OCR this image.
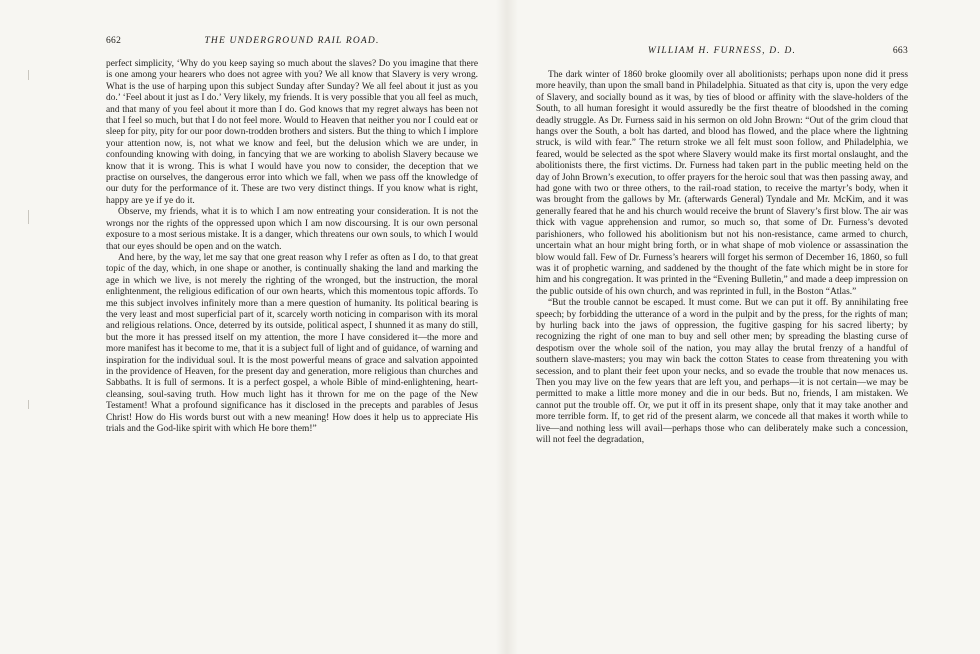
662	THE UNDERGROUND RAIL ROAD.

perfect simplicity, ‘Why do you keep saying so much about the slaves? Do you imagine that there is one among your hearers who does not agree with you? We all know that Slavery is very wrong. What is the use of harping upon this subject Sunday after Sunday? We all feel about it just as you do.’ ‘Feel about it just as I do.’ Very likely, my friends. It is very possible that you all feel as much, and that many of you feel about it more than I do. God knows that my regret always has been not that I feel so much, but that I do not feel more. Would to Heaven that neither you nor I could eat or sleep for pity, pity for our poor down-trodden brothers and sisters. But the thing to which I implore your attention now, is, not what we know and feel, but the delusion which we are under, in confounding knowing with doing, in fancying that we are working to abolish Slavery because we know that it is wrong. This is what I would have you now to consider, the deception that we practise on ourselves, the dangerous error into which we fall, when we pass off the knowledge of our duty for the performance of it. These are two very distinct things. If you know what is right, happy are ye if ye do it.

Observe, my friends, what it is to which I am now entreating your consideration. It is not the wrongs nor the rights of the oppressed upon which I am now discoursing. It is our own personal exposure to a most serious mistake. It is a danger, which threatens our own souls, to which I would that our eyes should be open and on the watch.

And here, by the way, let me say that one great reason why I refer as often as I do, to that great topic of the day, which, in one shape or another, is continually shaking the land and marking the age in which we live, is not merely the righting of the wronged, but the instruction, the moral enlightenment, the religious edification of our own hearts, which this momentous topic affords. To me this subject involves infinitely more than a mere question of humanity. Its political bearing is the very least and most superficial part of it, scarcely worth noticing in comparison with its moral and religious relations. Once, deterred by its outside, political aspect, I shunned it as many do still, but the more it has pressed itself on my attention, the more I have considered it—the more and more manifest has it become to me, that it is a subject full of light and of guidance, of warning and inspiration for the individual soul. It is the most powerful means of grace and salvation appointed in the providence of Heaven, for the present day and generation, more religious than churches and Sabbaths. It is full of sermons. It is a perfect gospel, a whole Bible of mind-enlightening, heart-cleansing, soul-saving truth. How much light has it thrown for me on the page of the New Testament! What a profound significance has it disclosed in the precepts and parables of Jesus Christ! How do His words burst out with a new meaning! How does it help us to appreciate His trials and the God-like spirit with which He bore them!”

WILLIAM H. FURNESS, D. D.	663

The dark winter of 1860 broke gloomily over all abolitionists; perhaps upon none did it press more heavily, than upon the small band in Philadelphia. Situated as that city is, upon the very edge of Slavery, and socially bound as it was, by ties of blood or affinity with the slave-holders of the South, to all human foresight it would assuredly be the first theatre of bloodshed in the coming deadly struggle. As Dr. Furness said in his sermon on old John Brown: “Out of the grim cloud that hangs over the South, a bolt has darted, and blood has flowed, and the place where the lightning struck, is wild with fear.” The return stroke we all felt must soon follow, and Philadelphia, we feared, would be selected as the spot where Slavery would make its first mortal onslaught, and the abolitionists there, the first victims. Dr. Furness had taken part in the public meeting held on the day of John Brown’s execution, to offer prayers for the heroic soul that was then passing away, and had gone with two or three others, to the rail-road station, to receive the martyr’s body, when it was brought from the gallows by Mr. (afterwards General) Tyndale and Mr. McKim, and it was generally feared that he and his church would receive the brunt of Slavery’s first blow. The air was thick with vague apprehension and rumor, so much so, that some of Dr. Furness’s devoted parishioners, who followed his abolitionism but not his non-resistance, came armed to church, uncertain what an hour might bring forth, or in what shape of mob violence or assassination the blow would fall. Few of Dr. Furness’s hearers will forget his sermon of December 16, 1860, so full was it of prophetic warning, and saddened by the thought of the fate which might be in store for him and his congregation. It was printed in the “Evening Bulletin,” and made a deep impression on the public outside of his own church, and was reprinted in full, in the Boston “Atlas.”

“But the trouble cannot be escaped. It must come. But we can put it off. By annihilating free speech; by forbidding the utterance of a word in the pulpit and by the press, for the rights of man; by hurling back into the jaws of oppression, the fugitive gasping for his sacred liberty; by recognizing the right of one man to buy and sell other men; by spreading the blasting curse of despotism over the whole soil of the nation, you may allay the brutal frenzy of a handful of southern slave-masters; you may win back the cotton States to cease from threatening you with secession, and to plant their feet upon your necks, and so evade the trouble that now menaces us. Then you may live on the few years that are left you, and perhaps—it is not certain—we may be permitted to make a little more money and die in our beds. But no, friends, I am mistaken. We cannot put the trouble off. Or, we put it off in its present shape, only that it may take another and more terrible form. If, to get rid of the present alarm, we concede all that makes it worth while to live—and nothing less will avail—perhaps those who can deliberately make such a concession, will not feel the degradation,
